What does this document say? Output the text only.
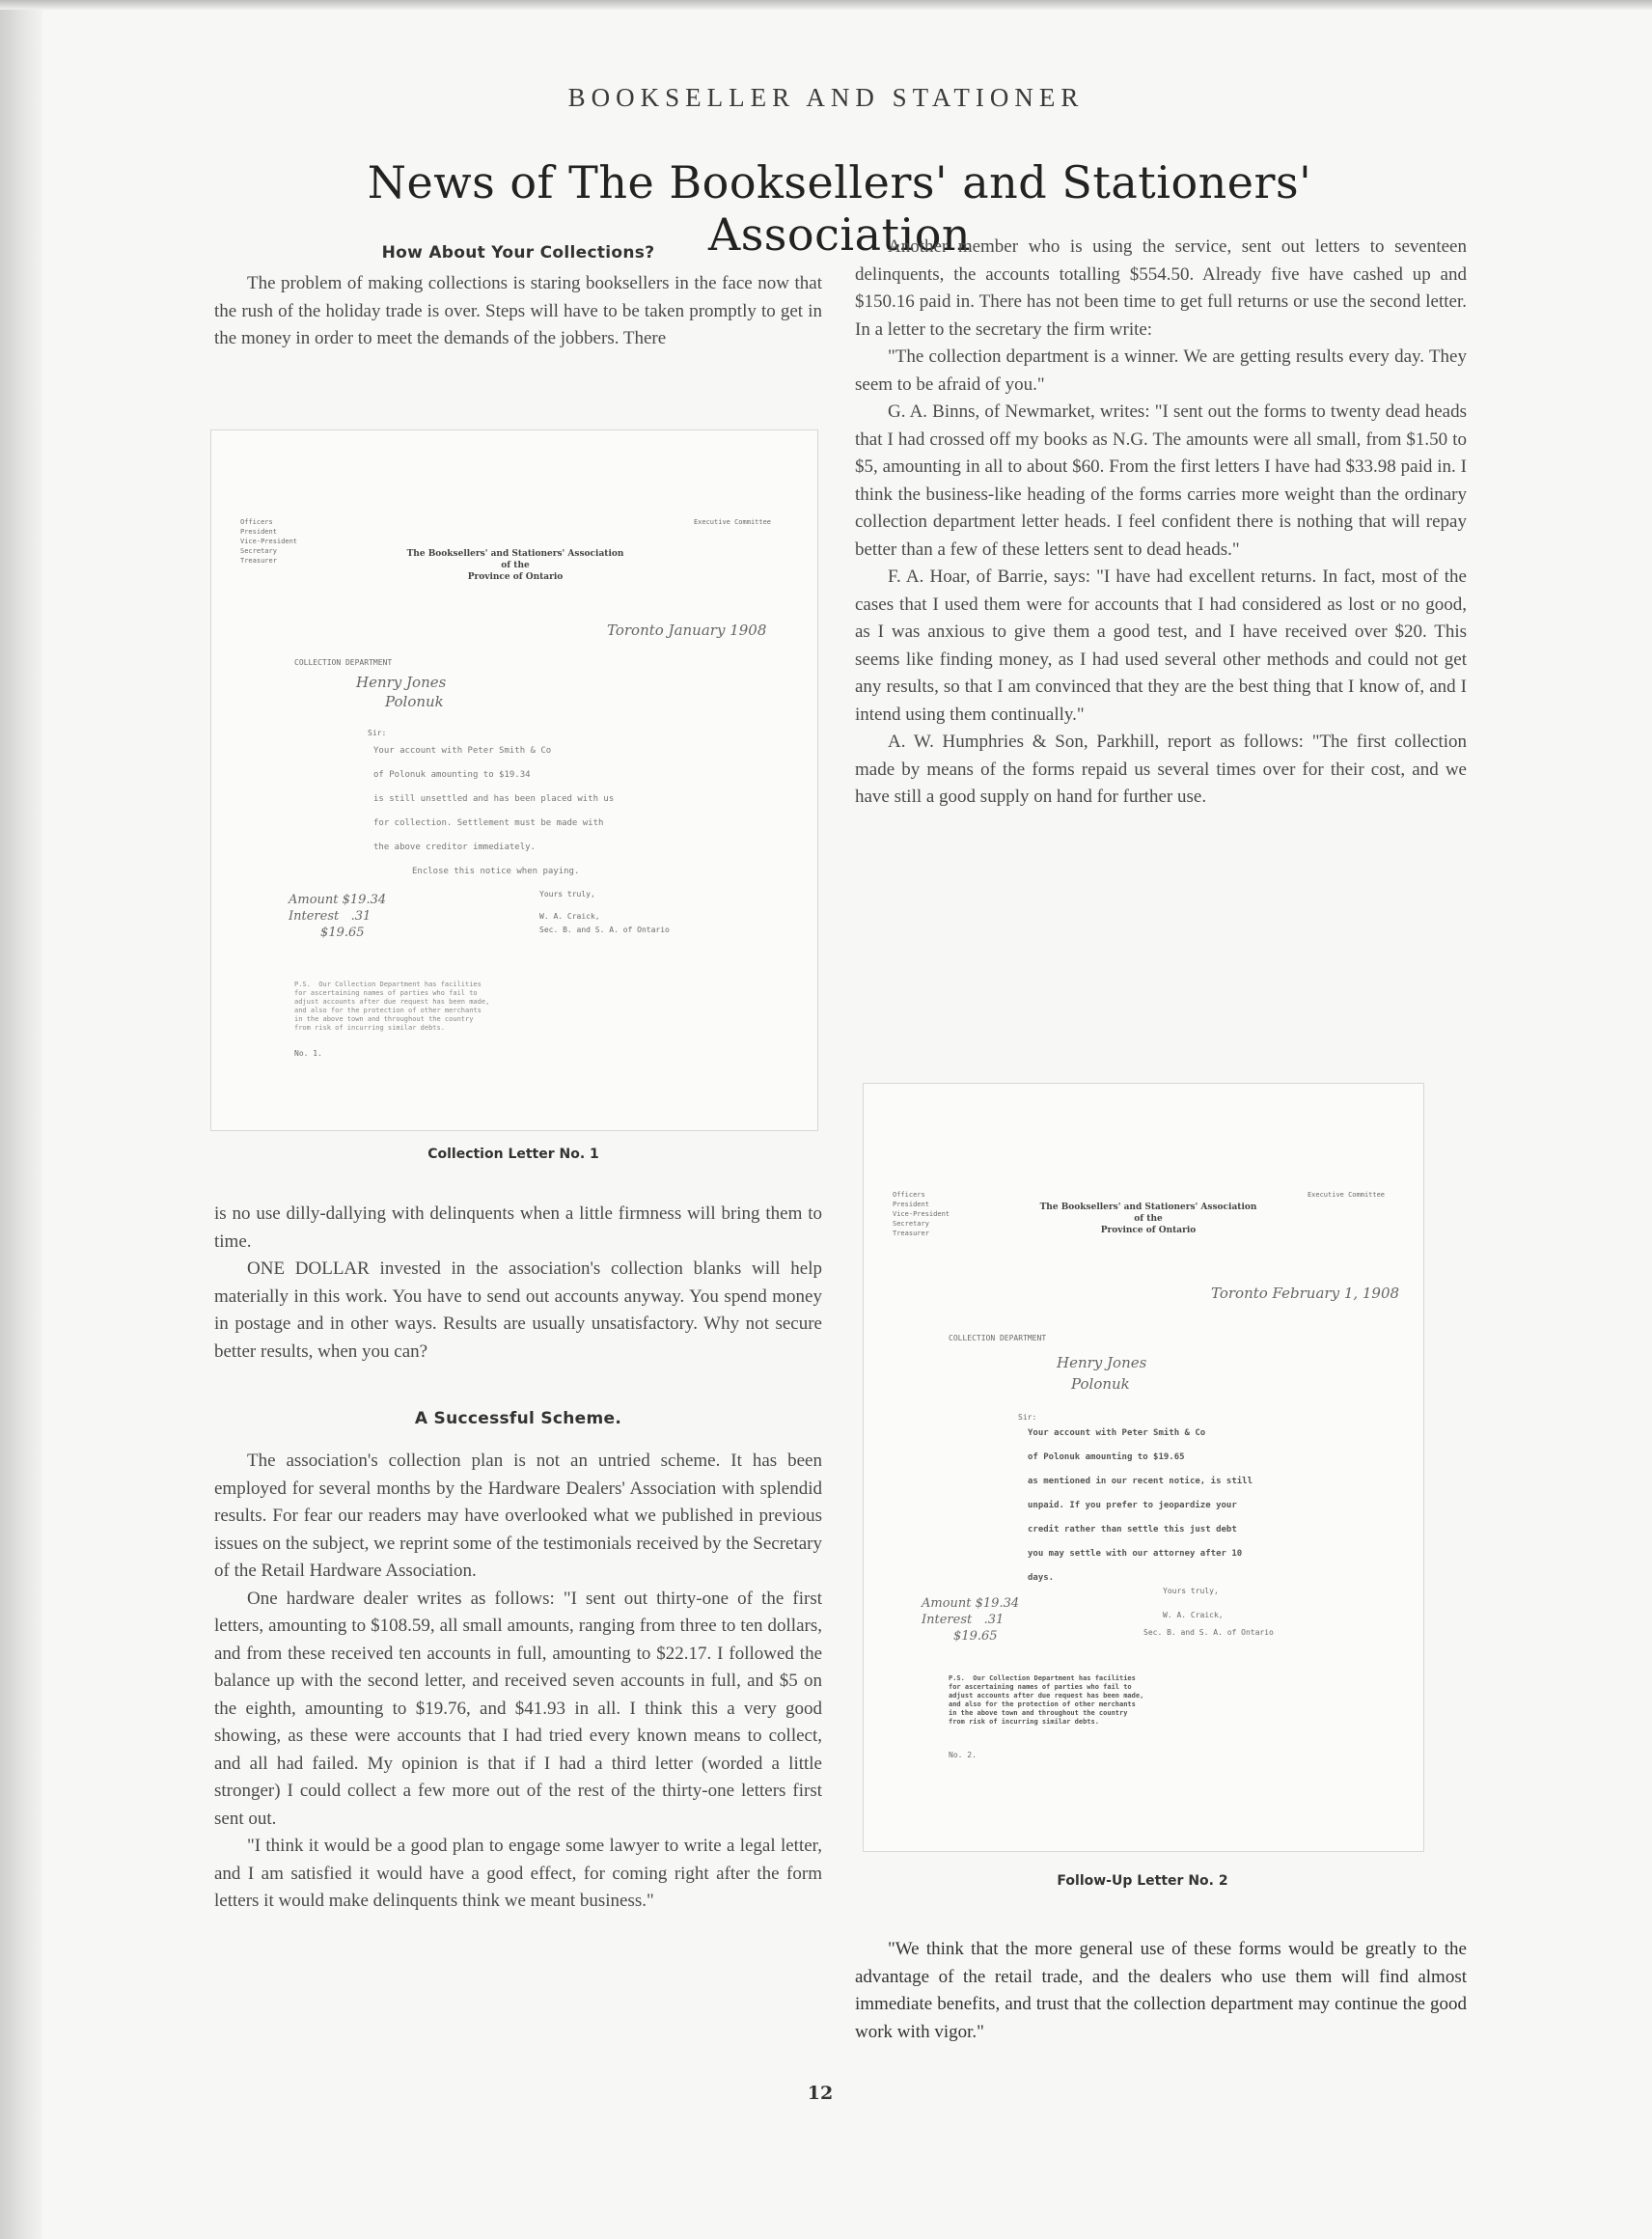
BOOKSELLER AND STATIONER
News of The Booksellers' and Stationers' Association
How About Your Collections?

The problem of making collections is staring booksellers in the face now that the rush of the holiday trade is over. Steps will have to be taken promptly to get in the money in order to meet the demands of the jobbers. There

Officers
President
Vice-President
Secretary
Treasurer
The Booksellers' and Stationers' Association
of the
Province of Ontario
Executive Committee
Toronto January 1908
COLLECTION DEPARTMENT
Henry Jones
Polonuk
Sir:
Your account with Peter Smith & Co
of Polonuk amounting to $19.34
is still unsettled and has been placed with us
for collection. Settlement must be made with
the above creditor immediately.
Enclose this notice when paying.
Yours truly,
W. A. Craick,
Sec. B. and S. A. of Ontario
Amount $19.34
Interest   .31
$19.65
P.S.  Our Collection Department has facilities
for ascertaining names of parties who fail to
adjust accounts after due request has been made,
and also for the protection of other merchants
in the above town and throughout the country
from risk of incurring similar debts.
No. 1.
Collection Letter No. 1

is no use dilly-dallying with delinquents when a little firmness will bring them to time.

ONE DOLLAR invested in the association's collection blanks will help materially in this work. You have to send out accounts anyway. You spend money in postage and in other ways. Results are usually unsatisfactory. Why not secure better results, when you can?

A Successful Scheme.

The association's collection plan is not an untried scheme. It has been employed for several months by the Hardware Dealers' Association with splendid results. For fear our readers may have overlooked what we published in previous issues on the subject, we reprint some of the testimonials received by the Secretary of the Retail Hardware Association.

One hardware dealer writes as follows: "I sent out thirty-one of the first letters, amounting to $108.59, all small amounts, ranging from three to ten dollars, and from these received ten accounts in full, amounting to $22.17. I followed the balance up with the second letter, and received seven accounts in full, and $5 on the eighth, amounting to $19.76, and $41.93 in all. I think this a very good showing, as these were accounts that I had tried every known means to collect, and all had failed. My opinion is that if I had a third letter (worded a little stronger) I could collect a few more out of the rest of the thirty-one letters first sent out.

"I think it would be a good plan to engage some lawyer to write a legal letter, and I am satisfied it would have a good effect, for coming right after the form letters it would make delinquents think we meant business."

Another member who is using the service, sent out letters to seventeen delinquents, the accounts totalling $554.50. Already five have cashed up and $150.16 paid in. There has not been time to get full returns or use the second letter. In a letter to the secretary the firm write:

"The collection department is a winner. We are getting results every day. They seem to be afraid of you."

G. A. Binns, of Newmarket, writes: "I sent out the forms to twenty dead heads that I had crossed off my books as N.G. The amounts were all small, from $1.50 to $5, amounting in all to about $60. From the first letters I have had $33.98 paid in. I think the business-like heading of the forms carries more weight than the ordinary collection department letter heads. I feel confident there is nothing that will repay better than a few of these letters sent to dead heads."

F. A. Hoar, of Barrie, says: "I have had excellent returns. In fact, most of the cases that I used them were for accounts that I had considered as lost or no good, as I was anxious to give them a good test, and I have received over $20. This seems like finding money, as I had used several other methods and could not get any results, so that I am convinced that they are the best thing that I know of, and I intend using them continually."

A. W. Humphries & Son, Parkhill, report as follows: "The first collection made by means of the forms repaid us several times over for their cost, and we have still a good supply on hand for further use.

Officers
President
Vice-President
Secretary
Treasurer
The Booksellers' and Stationers' Association
of the
Province of Ontario
Executive Committee
Toronto February 1, 1908
COLLECTION DEPARTMENT
Henry Jones
Polonuk
Sir:
Your account with Peter Smith & Co
of Polonuk amounting to $19.65
as mentioned in our recent notice, is still
unpaid. If you prefer to jeopardize your
credit rather than settle this just debt
you may settle with our attorney after 10
days.
Yours truly,
W. A. Craick,
Sec. B. and S. A. of Ontario
Amount $19.34
Interest   .31
$19.65
P.S.  Our Collection Department has facilities
for ascertaining names of parties who fail to
adjust accounts after due request has been made,
and also for the protection of other merchants
in the above town and throughout the country
from risk of incurring similar debts.
No. 2.
Follow-Up Letter No. 2

"We think that the more general use of these forms would be greatly to the advantage of the retail trade, and the dealers who use them will find almost immediate benefits, and trust that the collection department may continue the good work with vigor."

12
